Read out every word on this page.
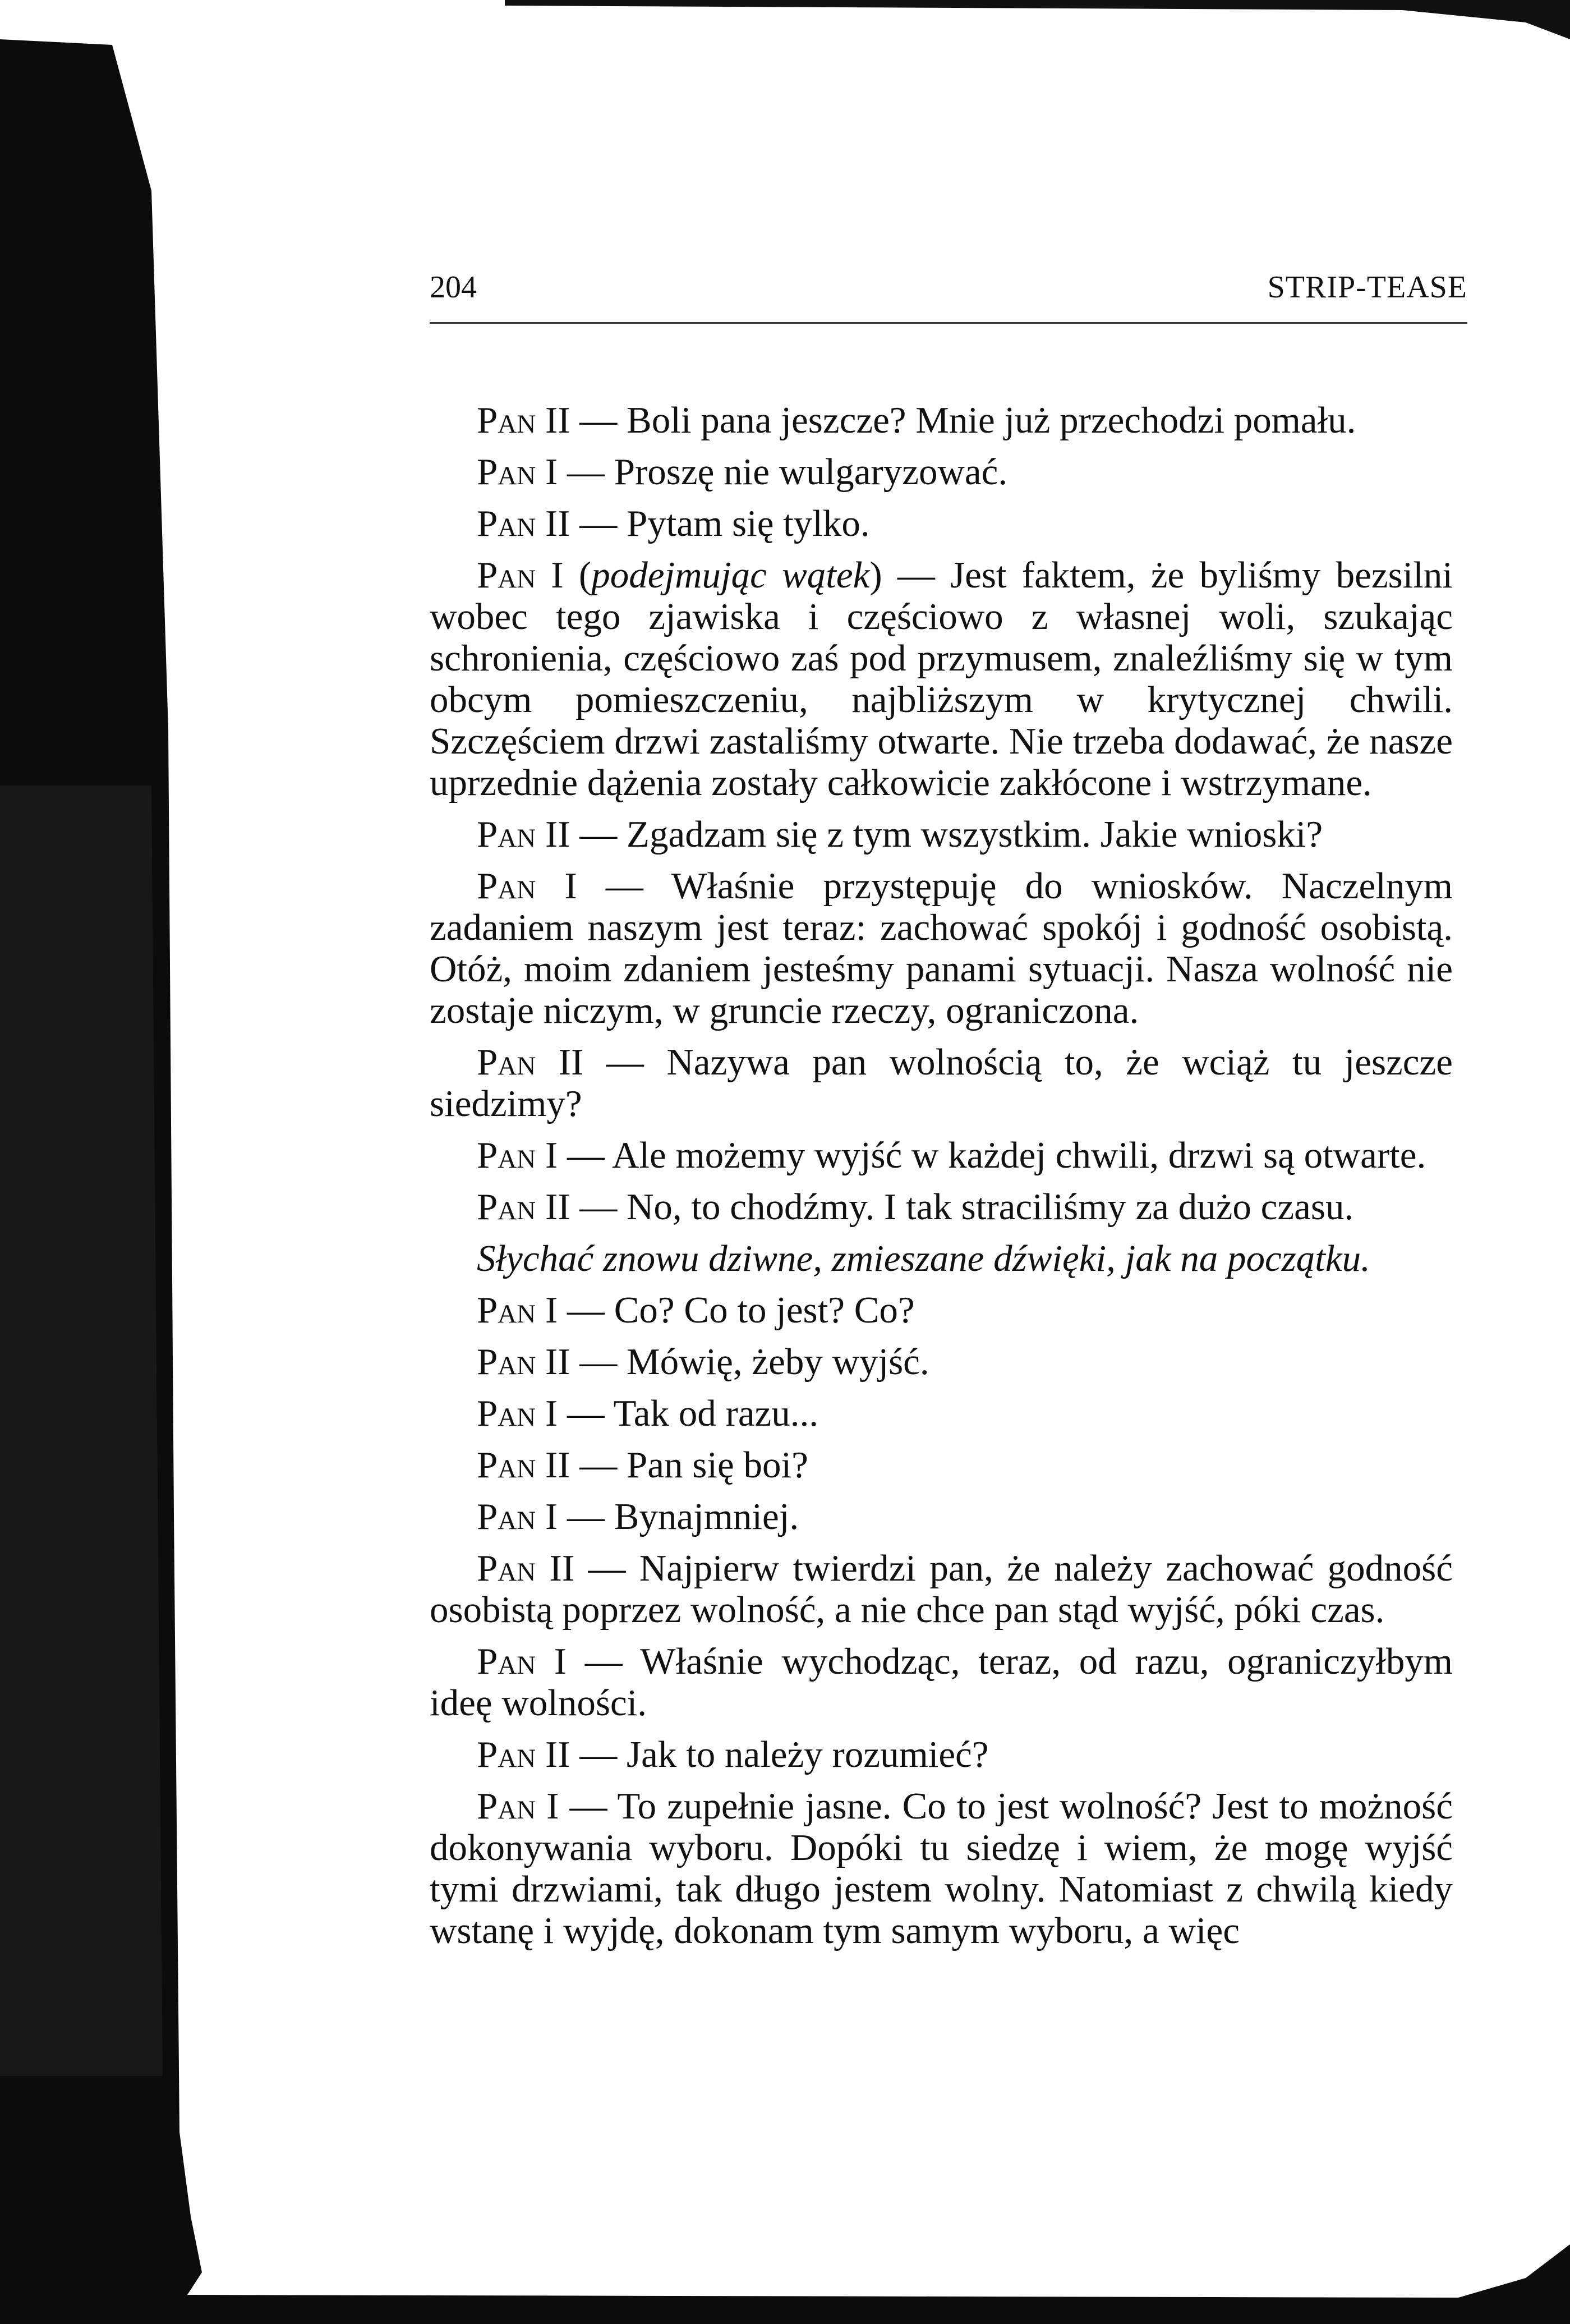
204	STRIP-TEASE

Pan II — Boli pana jeszcze? Mnie już przechodzi pomału.

Pan I — Proszę nie wulgaryzować.

Pan II — Pytam się tylko.

Pan I (podejmując wątek) — Jest faktem, że byliśmy bezsilni wobec tego zjawiska i częściowo z własnej woli, szukając schronienia, częściowo zaś pod przymusem, znaleźliśmy się w tym obcym pomieszczeniu, najbliższym w krytycznej chwili. Szczęściem drzwi zastaliśmy otwarte. Nie trzeba dodawać, że nasze uprzednie dążenia zostały całkowicie zakłócone i wstrzymane.

Pan II — Zgadzam się z tym wszystkim. Jakie wnioski?

Pan I — Właśnie przystępuję do wniosków. Naczelnym zadaniem naszym jest teraz: zachować spokój i godność osobistą. Otóż, moim zdaniem jesteśmy panami sytuacji. Nasza wolność nie zostaje niczym, w gruncie rzeczy, ograniczona.

Pan II — Nazywa pan wolnością to, że wciąż tu jeszcze siedzimy?

Pan I — Ale możemy wyjść w każdej chwili, drzwi są otwarte.

Pan II — No, to chodźmy. I tak straciliśmy za dużo czasu.

Słychać znowu dziwne, zmieszane dźwięki, jak na początku.

Pan I — Co? Co to jest? Co?

Pan II — Mówię, żeby wyjść.

Pan I — Tak od razu...

Pan II — Pan się boi?

Pan I — Bynajmniej.

Pan II — Najpierw twierdzi pan, że należy zachować godność osobistą poprzez wolność, a nie chce pan stąd wyjść, póki czas.

Pan I — Właśnie wychodząc, teraz, od razu, ograniczyłbym ideę wolności.

Pan II — Jak to należy rozumieć?

Pan I — To zupełnie jasne. Co to jest wolność? Jest to możność dokonywania wyboru. Dopóki tu siedzę i wiem, że mogę wyjść tymi drzwiami, tak długo jestem wolny. Natomiast z chwilą kiedy wstanę i wyjdę, dokonam tym samym wyboru, a więc
